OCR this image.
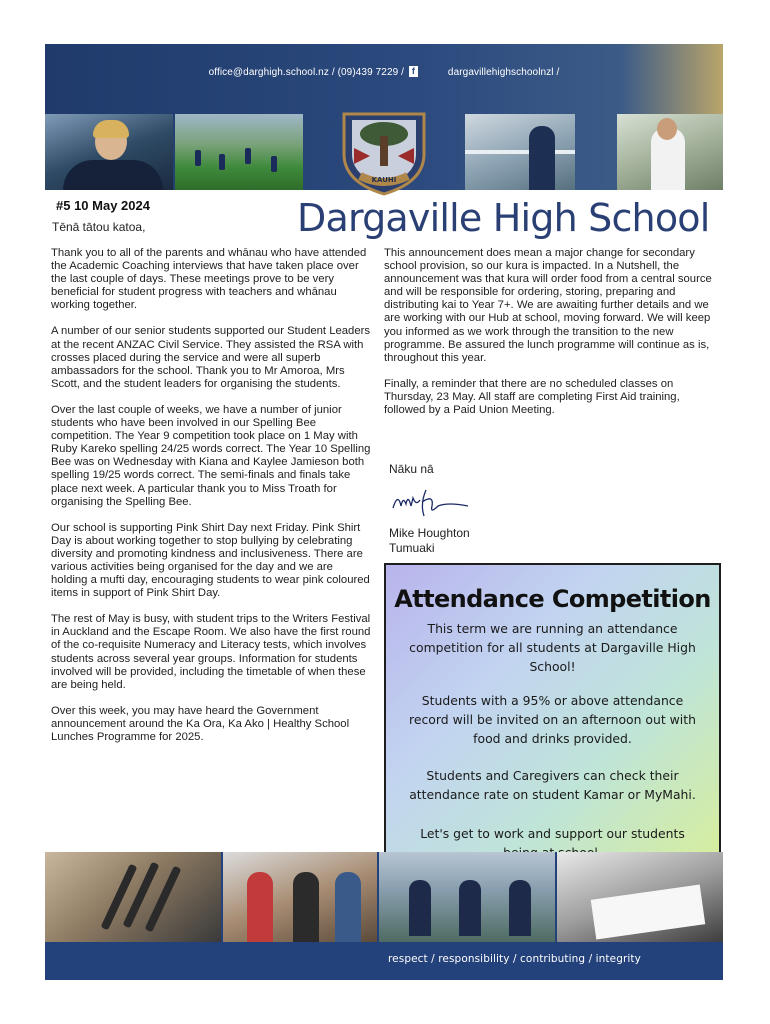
office@darghigh.school.nz / (09)439 7229 / f	dargavillehighschoolnzl /
KAUHI
#5 10 May 2024
Tēnā tātou katoa,	Dargaville High School

Thank you to all of the parents and whānau who have attended the Academic Coaching interviews that have taken place over the last couple of days. These meetings prove to be very beneficial for student progress with teachers and whānau working together.

A number of our senior students supported our Student Leaders at the recent ANZAC Civil Service. They assisted the RSA with crosses placed during the service and were all superb ambassadors for the school. Thank you to Mr Amoroa, Mrs Scott, and the student leaders for organising the students.

Over the last couple of weeks, we have a number of junior students who have been involved in our Spelling Bee competition. The Year 9 competition took place on 1 May with Ruby Kareko spelling 24/25 words correct. The Year 10 Spelling Bee was on Wednesday with Kiana and Kaylee Jamieson both spelling 19/25 words correct. The semi-finals and finals take place next week. A particular thank you to Miss Troath for organising the Spelling Bee.

Our school is supporting Pink Shirt Day next Friday. Pink Shirt Day is about working together to stop bullying by celebrating diversity and promoting kindness and inclusiveness. There are various activities being organised for the day and we are holding a mufti day, encouraging students to wear pink coloured items in support of Pink Shirt Day.

The rest of May is busy, with student trips to the Writers Festival in Auckland and the Escape Room. We also have the first round of the co-requisite Numeracy and Literacy tests, which involves students across several year groups. Information for students involved will be provided, including the timetable of when these are being held.

Over this week, you may have heard the Government announcement around the Ka Ora, Ka Ako | Healthy School Lunches Programme for 2025.

This announcement does mean a major change for secondary school provision, so our kura is impacted. In a Nutshell, the announcement was that kura will order food from a central source and will be responsible for ordering, storing, preparing and distributing kai to Year 7+. We are awaiting further details and we are working with our Hub at school, moving forward. We will keep you informed as we work through the transition to the new programme. Be assured the lunch programme will continue as is, throughout this year.

Finally, a reminder that there are no scheduled classes on Thursday, 23 May. All staff are completing First Aid training, followed by a Paid Union Meeting.

Nāku nā
Mike Houghton
Tumuaki
Attendance Competition

This term we are running an attendance competition for all students at Dargaville High School!

Students with a 95% or above attendance record will be invited on an afternoon out with food and drinks provided.

Students and Caregivers can check their attendance rate on student Kamar or MyMahi.

Let's get to work and support our students

respect / responsibility / contributing / integrity
